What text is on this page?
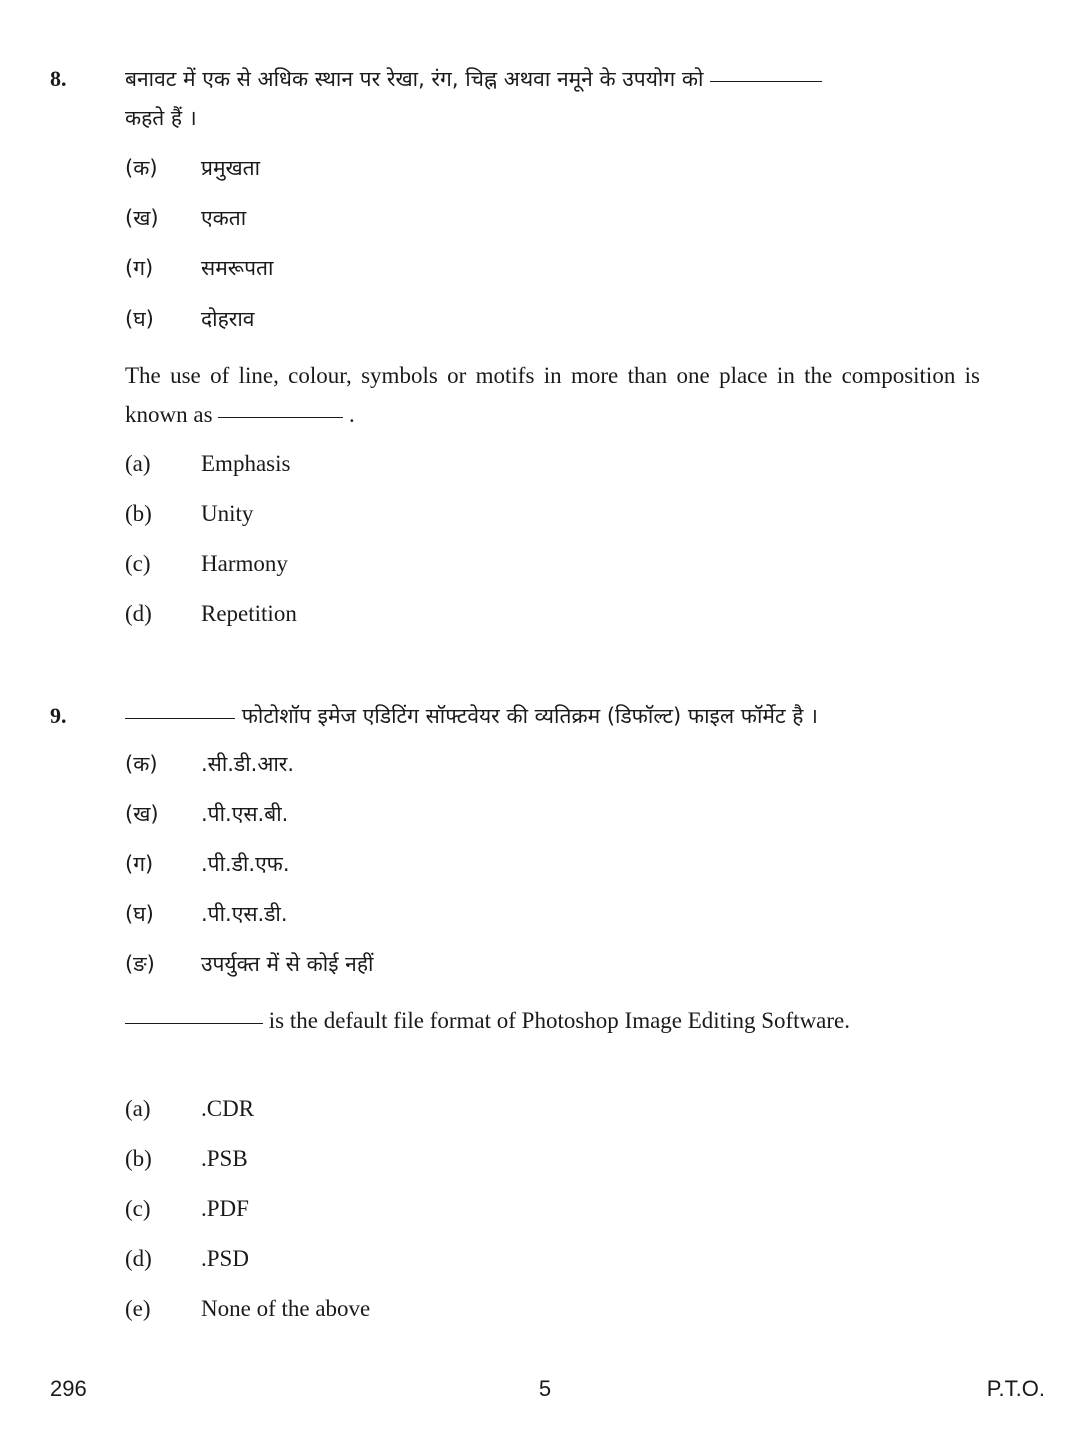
8.	बनावट में एक से अधिक स्थान पर रेखा, रंग, चिह्न अथवा नमूने के उपयोग को
कहते हैं ।
(क)	प्रमुखता
(ख)	एकता
(ग)	समरूपता
(घ)	दोहराव
The use of line, colour, symbols or motifs in more than one place in the composition is known as	.
(a)	Emphasis
(b)	Unity
(c)	Harmony
(d)	Repetition
9.	फोटोशॉप इमेज एडिटिंग सॉफ्टवेयर की व्यतिक्रम (डिफॉल्ट) फाइल फॉर्मेट है ।
(क)	.सी.डी.आर.
(ख)	.पी.एस.बी.
(ग)	.पी.डी.एफ.
(घ)	.पी.एस.डी.
(ङ)	उपर्युक्त में से कोई नहीं
is the default file format of Photoshop Image Editing Software.
(a)	.CDR
(b)	.PSB
(c)	.PDF
(d)	.PSD
(e)	None of the above
296	5	P.T.O.
